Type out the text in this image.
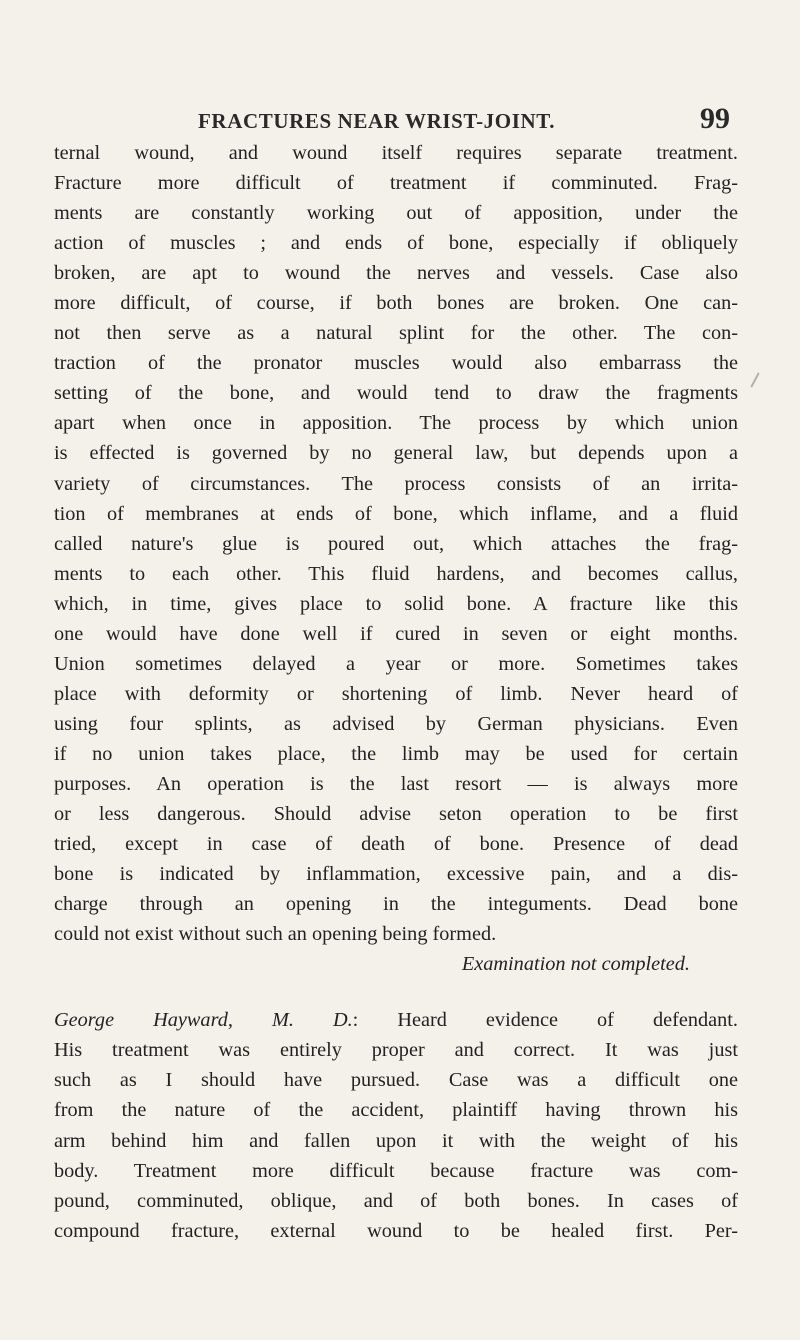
FRACTURES NEAR WRIST-JOINT.	99
ternal wound, and wound itself requires separate treatment.
Fracture more difficult of treatment if comminuted. Frag-
ments are constantly working out of apposition, under the
action of muscles ; and ends of bone, especially if obliquely
broken, are apt to wound the nerves and vessels. Case also
more difficult, of course, if both bones are broken. One can-
not then serve as a natural splint for the other. The con-
traction of the pronator muscles would also embarrass the
setting of the bone, and would tend to draw the fragments
apart when once in apposition. The process by which union
is effected is governed by no general law, but depends upon a
variety of circumstances. The process consists of an irrita-
tion of membranes at ends of bone, which inflame, and a fluid
called nature's glue is poured out, which attaches the frag-
ments to each other. This fluid hardens, and becomes callus,
which, in time, gives place to solid bone. A fracture like this
one would have done well if cured in seven or eight months.
Union sometimes delayed a year or more. Sometimes takes
place with deformity or shortening of limb. Never heard of
using four splints, as advised by German physicians. Even
if no union takes place, the limb may be used for certain
purposes. An operation is the last resort — is always more
or less dangerous. Should advise seton operation to be first
tried, except in case of death of bone. Presence of dead
bone is indicated by inflammation, excessive pain, and a dis-
charge through an opening in the integuments. Dead bone
could not exist without such an opening being formed.
Examination not completed.
George Hayward, M. D.: Heard evidence of defendant.
His treatment was entirely proper and correct. It was just
such as I should have pursued. Case was a difficult one
from the nature of the accident, plaintiff having thrown his
arm behind him and fallen upon it with the weight of his
body. Treatment more difficult because fracture was com-
pound, comminuted, oblique, and of both bones. In cases of
compound fracture, external wound to be healed first. Per-
